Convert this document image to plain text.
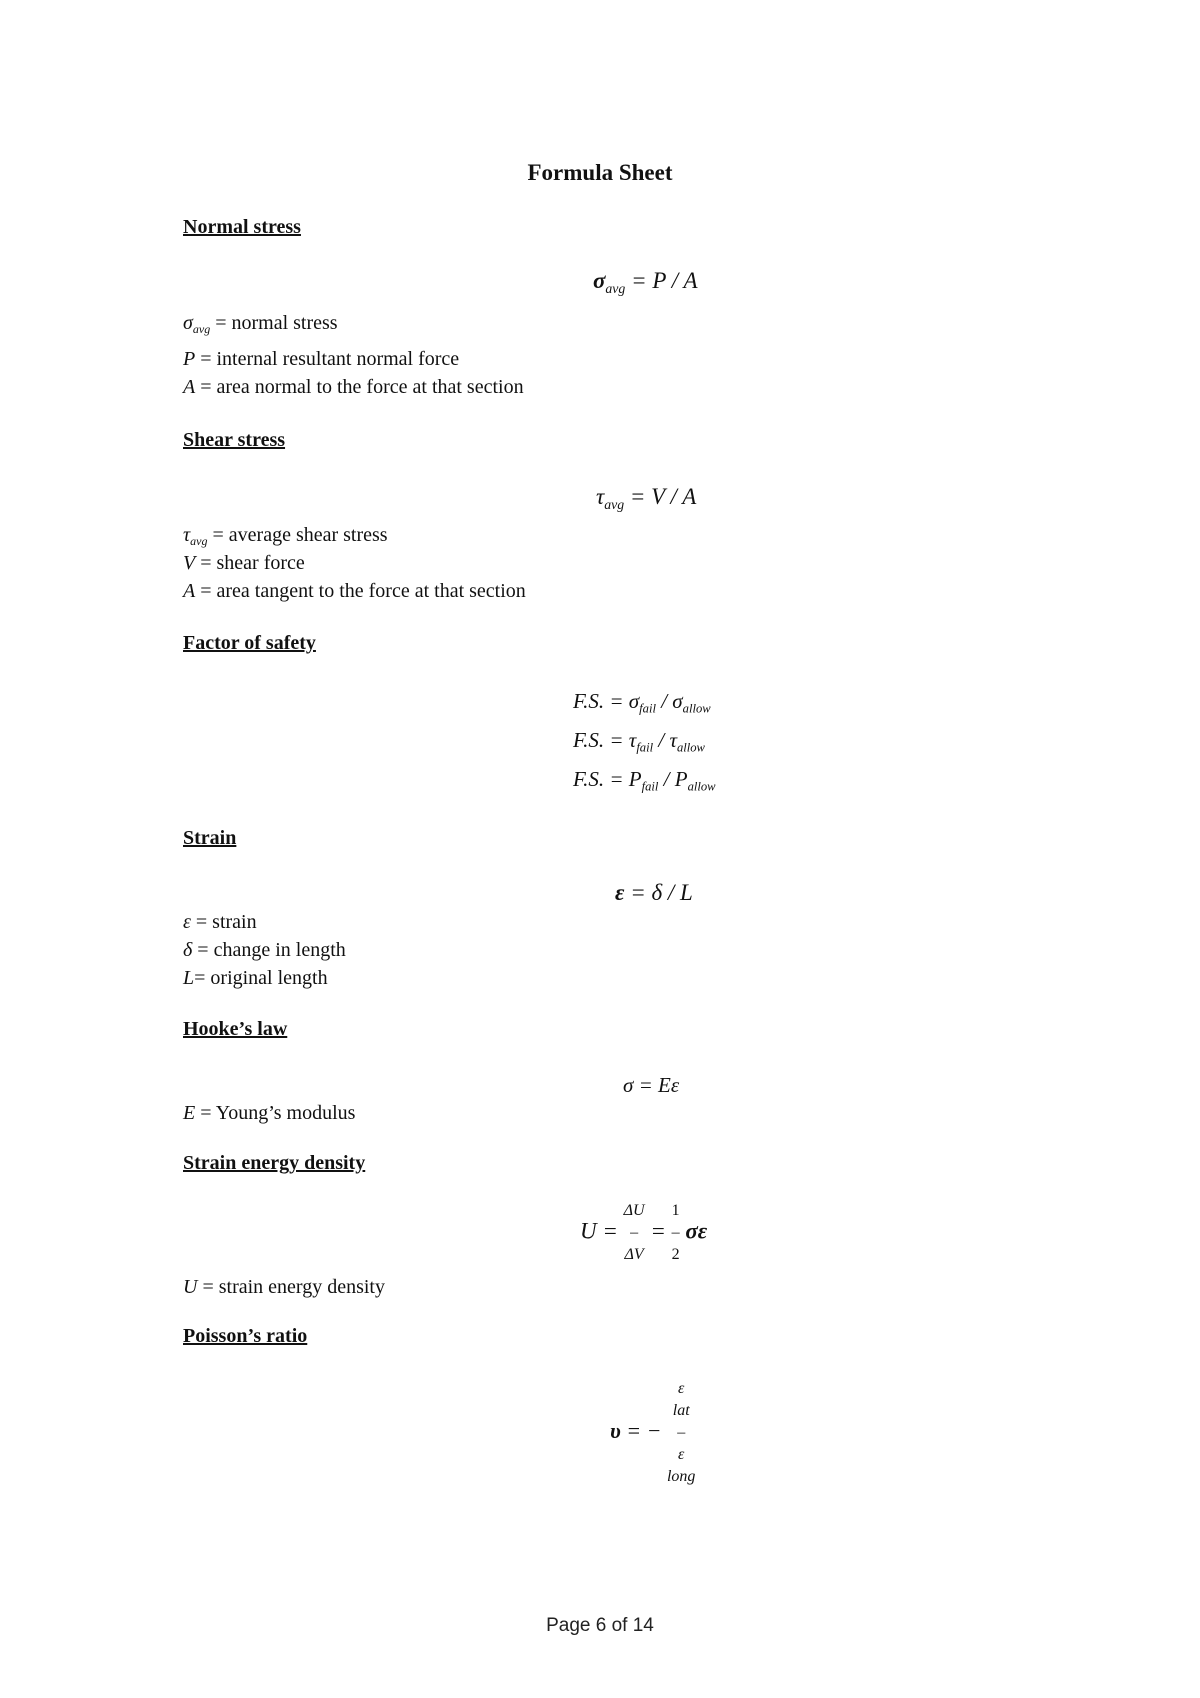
Formula Sheet
Normal stress
$\sigma_{avg} = P / A$
$\sigma_{avg}$ = normal stress
P = internal resultant normal force
A = area normal to the force at that section
Shear stress
$\tau_{avg} = V / A$
$\tau_{avg}$ = average shear stress
V = shear force
A = area tangent to the force at that section
Factor of safety
F.S. = $\sigma_{fail} / \sigma_{allow}$
F.S. = $\tau_{fail} / \tau_{allow}$
F.S. = $P_{fail} / P_{allow}$
Strain
ε = δ / L
ε = strain
δ = change in length
L= original length
Hooke’s law
σ = Eε
E = Young’s modulus
Strain energy density
U =
ΔU
–
ΔV
=
1
–
2
σε
U = strain energy density
Poisson’s ratio
υ = −
ε
lat
–
ε
long
Page 6 of 14
